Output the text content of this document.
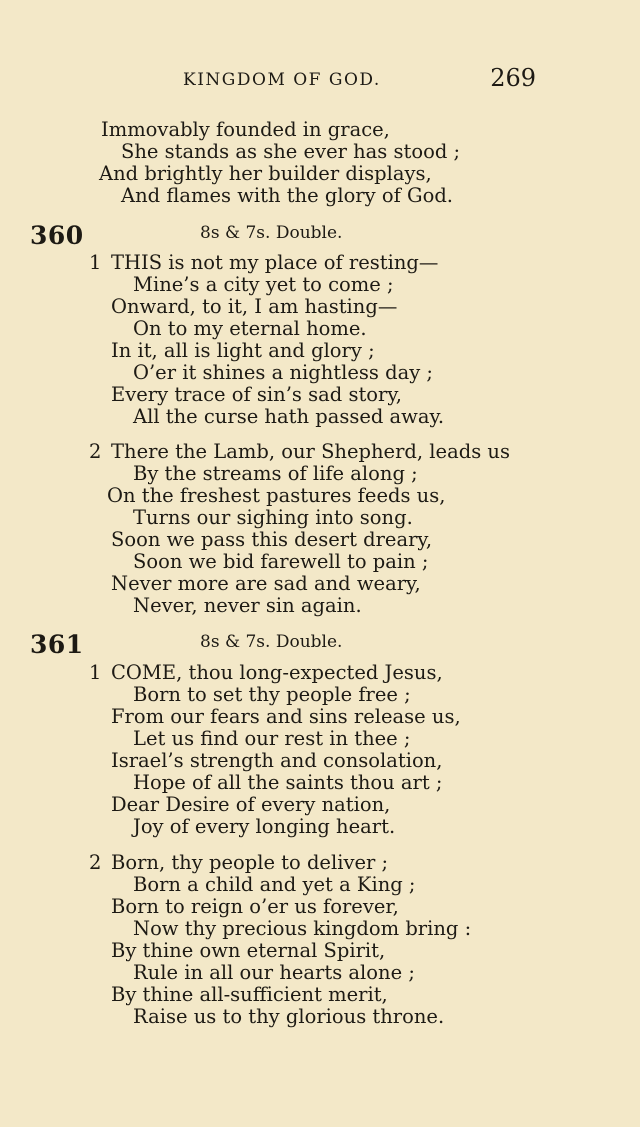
KINGDOM OF GOD.	269
Immovably founded in grace,
She stands as she ever has stood ;
And brightly her builder displays,
And flames with the glory of God.
360	8s & 7s. Double.
1 THIS is not my place of resting—
Mine’s a city yet to come ;
Onward, to it, I am hasting—
On to my eternal home.
In it, all is light and glory ;
O’er it shines a nightless day ;
Every trace of sin’s sad story,
All the curse hath passed away.
2 There the Lamb, our Shepherd, leads us
By the streams of life along ;
On the freshest pastures feeds us,
Turns our sighing into song.
Soon we pass this desert dreary,
Soon we bid farewell to pain ;
Never more are sad and weary,
Never, never sin again.
361	8s & 7s. Double.
1 COME, thou long-expected Jesus,
Born to set thy people free ;
From our fears and sins release us,
Let us find our rest in thee ;
Israel’s strength and consolation,
Hope of all the saints thou art ;
Dear Desire of every nation,
Joy of every longing heart.
2 Born, thy people to deliver ;
Born a child and yet a King ;
Born to reign o’er us forever,
Now thy precious kingdom bring :
By thine own eternal Spirit,
Rule in all our hearts alone ;
By thine all-sufficient merit,
Raise us to thy glorious throne.
